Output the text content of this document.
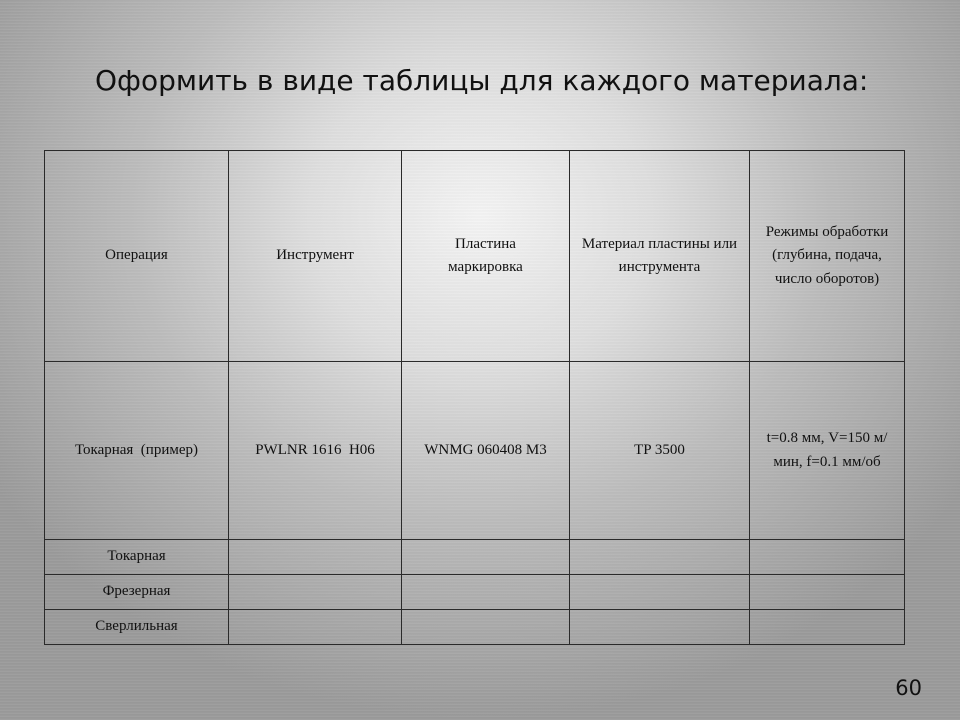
Оформить в виде таблицы для каждого материала:
Операция	Инструмент	Пластина маркировка	Материал пластины или инструмента	Режимы обработки (глубина, подача, число оборотов)
Токарная  (пример)	PWLNR 1616  H06	WNMG 060408 M3	TP 3500	t=0.8 мм, V=150 м/мин, f=0.1 мм/об
Токарная				
Фрезерная				
Сверлильная				
60
